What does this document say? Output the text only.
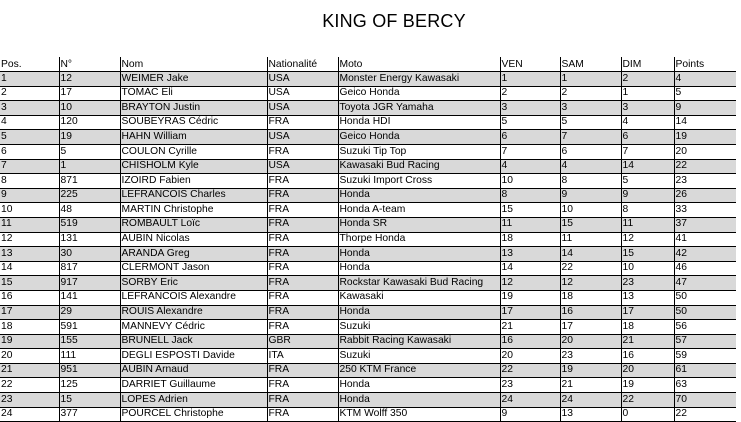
KING OF BERCY
Pos.	N°	Nom	Nationalité	Moto	VEN	SAM	DIM	Points
1	12	WEIMER Jake	USA	Monster Energy Kawasaki	1	1	2	4
2	17	TOMAC Eli	USA	Geico Honda	2	2	1	5
3	10	BRAYTON Justin	USA	Toyota JGR Yamaha	3	3	3	9
4	120	SOUBEYRAS Cédric	FRA	Honda HDI	5	5	4	14
5	19	HAHN William	USA	Geico Honda	6	7	6	19
6	5	COULON Cyrille	FRA	Suzuki Tip Top	7	6	7	20
7	1	CHISHOLM Kyle	USA	Kawasaki Bud Racing	4	4	14	22
8	871	IZOIRD Fabien	FRA	Suzuki Import Cross	10	8	5	23
9	225	LEFRANCOIS Charles	FRA	Honda	8	9	9	26
10	48	MARTIN Christophe	FRA	Honda A-team	15	10	8	33
11	519	ROMBAULT Loïc	FRA	Honda SR	11	15	11	37
12	131	AUBIN Nicolas	FRA	Thorpe Honda	18	11	12	41
13	30	ARANDA Greg	FRA	Honda	13	14	15	42
14	817	CLERMONT Jason	FRA	Honda	14	22	10	46
15	917	SORBY Eric	FRA	Rockstar Kawasaki Bud Racing	12	12	23	47
16	141	LEFRANCOIS Alexandre	FRA	Kawasaki	19	18	13	50
17	29	ROUIS Alexandre	FRA	Honda	17	16	17	50
18	591	MANNEVY Cédric	FRA	Suzuki	21	17	18	56
19	155	BRUNELL Jack	GBR	Rabbit Racing Kawasaki	16	20	21	57
20	111	DEGLI ESPOSTI Davide	ITA	Suzuki	20	23	16	59
21	951	AUBIN Arnaud	FRA	250 KTM France	22	19	20	61
22	125	DARRIET Guillaume	FRA	Honda	23	21	19	63
23	15	LOPES Adrien	FRA	Honda	24	24	22	70
24	377	POURCEL Christophe	FRA	KTM Wolff 350	9	13	0	22
